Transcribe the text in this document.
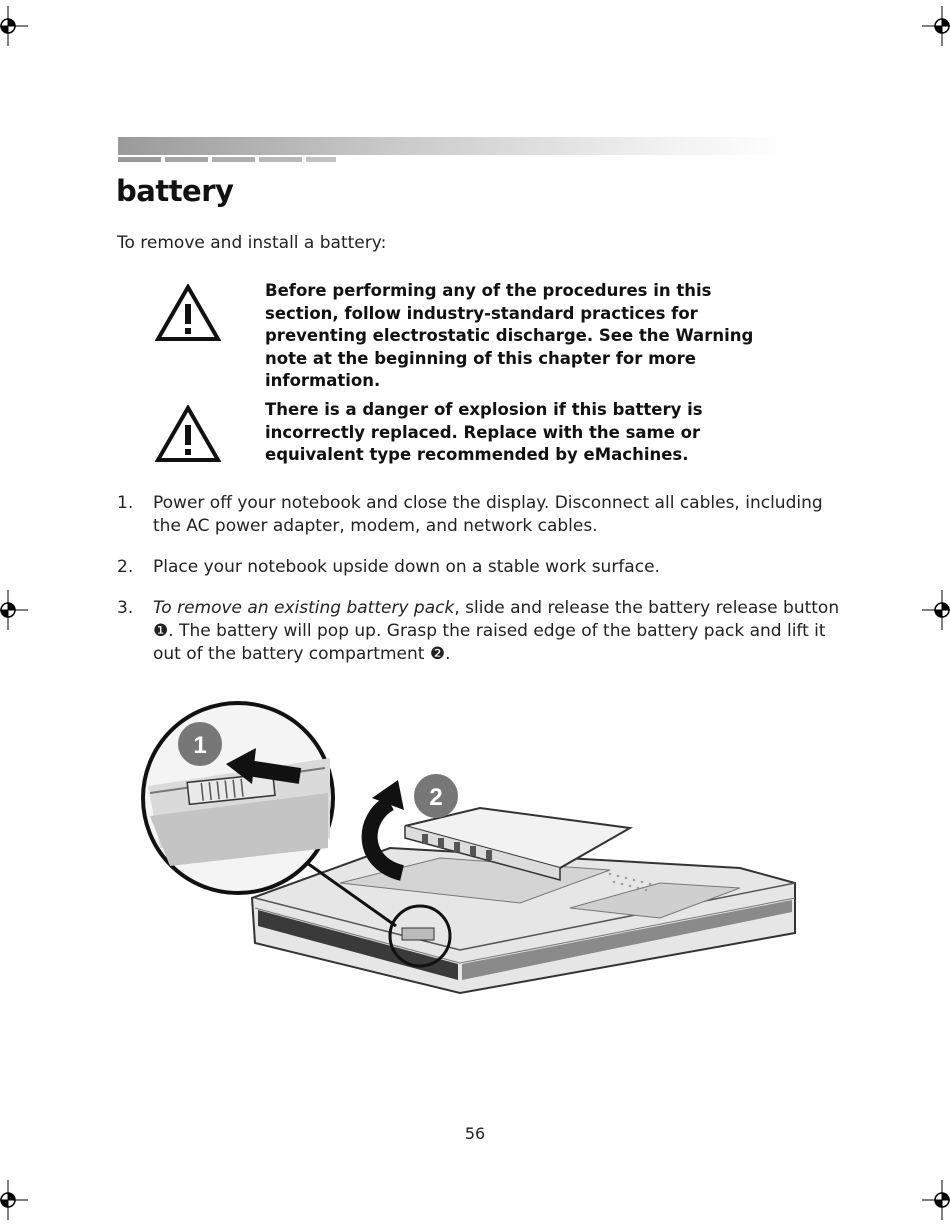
battery
To remove and install a battery:
Before performing any of the procedures in this section, follow industry-standard practices for preventing electrostatic discharge. See the Warning note at the beginning of this chapter for more information.
There is a danger of explosion if this battery is incorrectly replaced. Replace with the same or equivalent type recommended by eMachines.
1. Power off your notebook and close the display. Disconnect all cables, including the AC power adapter, modem, and network cables.
2. Place your notebook upside down on a stable work surface.
3. To remove an existing battery pack, slide and release the battery release button ❶. The battery will pop up. Grasp the raised edge of the battery pack and lift it out of the battery compartment ❷.
2
1
56
